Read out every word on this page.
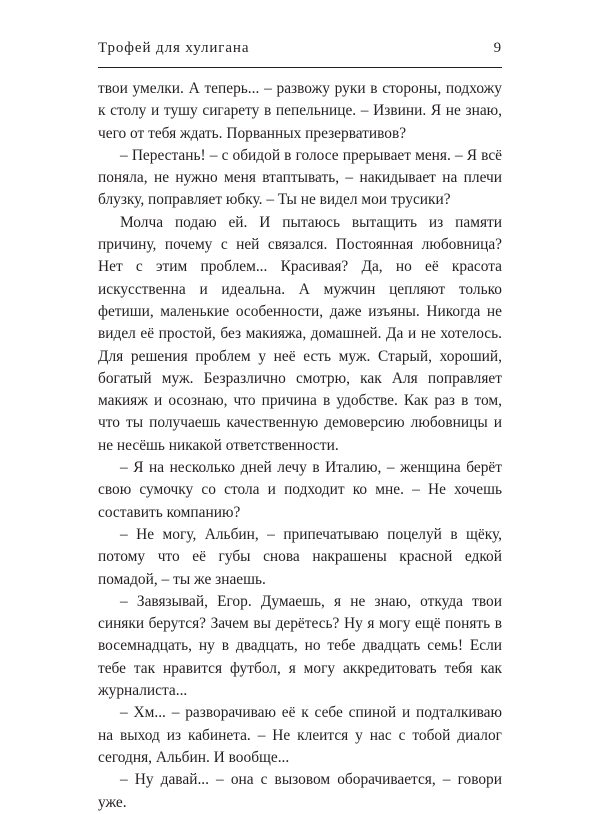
Трофей для хулигана	9

твои умелки. А теперь... – развожу руки в стороны, подхожу к столу и тушу сигарету в пепельнице. – Извини. Я не знаю, чего от тебя ждать. Порванных презервативов?

– Перестань! – с обидой в голосе прерывает меня. – Я всё поняла, не нужно меня втаптывать, – накидывает на плечи блузку, поправляет юбку. – Ты не видел мои трусики?

Молча подаю ей. И пытаюсь вытащить из памяти причину, почему с ней связался. Постоянная любовница? Нет с этим проблем... Красивая? Да, но её красота искусственна и идеальна. А мужчин цепляют только фетиши, маленькие особенности, даже изъяны. Никогда не видел её простой, без макияжа, домашней. Да и не хотелось. Для решения проблем у неё есть муж. Старый, хороший, богатый муж. Безразлично смотрю, как Аля поправляет макияж и осознаю, что причина в удобстве. Как раз в том, что ты получаешь качественную демоверсию любовницы и не несёшь никакой ответственности.

– Я на несколько дней лечу в Италию, – женщина берёт свою сумочку со стола и подходит ко мне. – Не хочешь составить компанию?

– Не могу, Альбин, – припечатываю поцелуй в щёку, потому что её губы снова накрашены красной едкой помадой, – ты же знаешь.

– Завязывай, Егор. Думаешь, я не знаю, откуда твои синяки берутся? Зачем вы дерётесь? Ну я могу ещё понять в восемнадцать, ну в двадцать, но тебе двадцать семь! Если тебе так нравится футбол, я могу аккредитовать тебя как журналиста...

– Хм... – разворачиваю её к себе спиной и подталкиваю на выход из кабинета. – Не клеится у нас с тобой диалог сегодня, Альбин. И вообще...

– Ну давай... – она с вызовом оборачивается, – говори уже.
